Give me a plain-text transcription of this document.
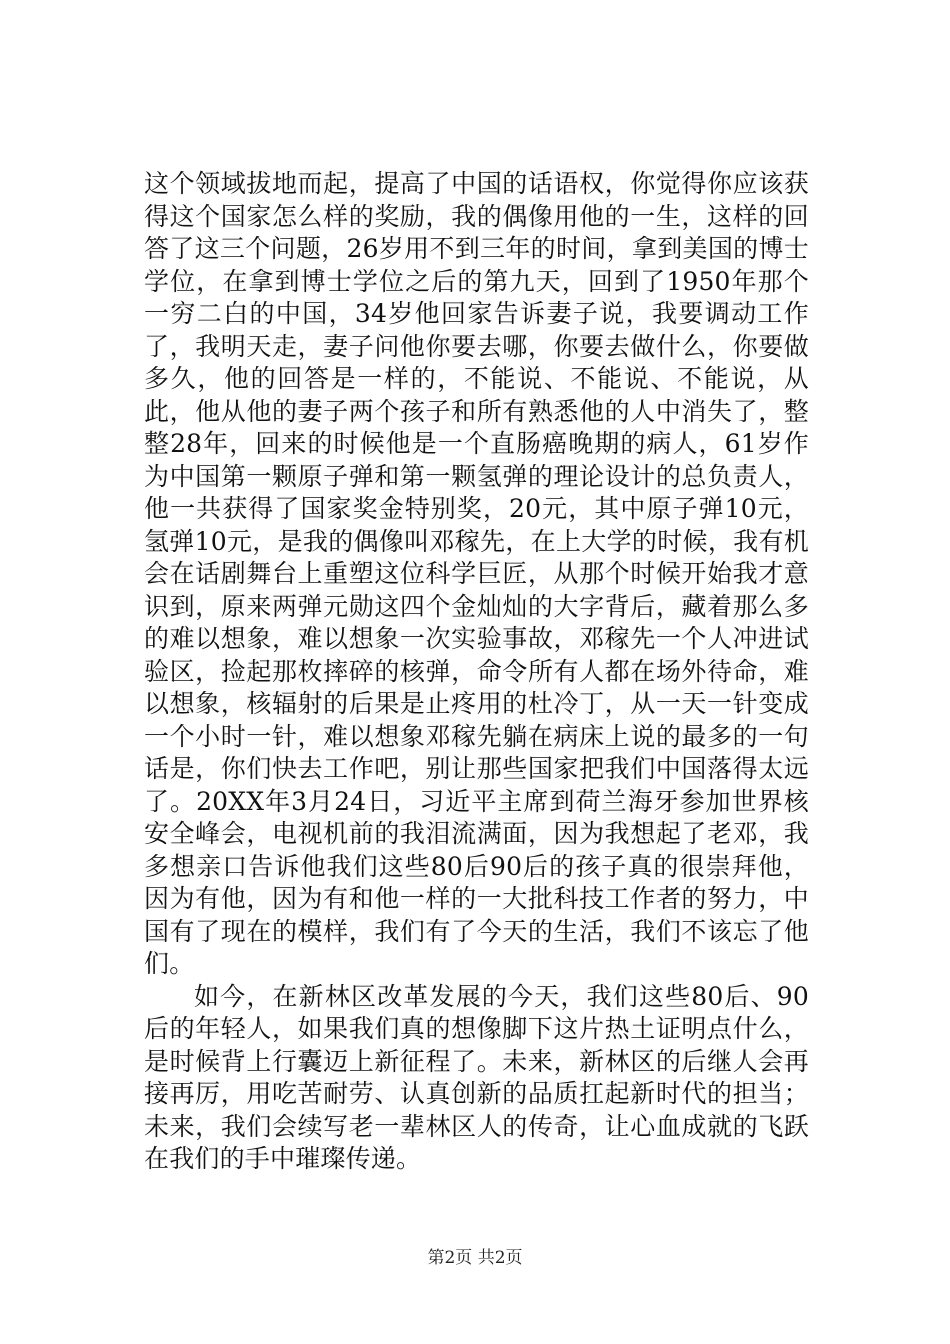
这个领域拔地而起，提高了中国的话语权，你觉得你应该获得这个国家怎么样的奖励，我的偶像用他的一生，这样的回答了这三个问题，26岁用不到三年的时间，拿到美国的博士学位，在拿到博士学位之后的第九天，回到了1950年那个一穷二白的中国，34岁他回家告诉妻子说，我要调动工作了，我明天走，妻子问他你要去哪，你要去做什么，你要做多久，他的回答是一样的，不能说、不能说、不能说，从此，他从他的妻子两个孩子和所有熟悉他的人中消失了，整整28年，回来的时候他是一个直肠癌晚期的病人，61岁作为中国第一颗原子弹和第一颗氢弹的理论设计的总负责人，他一共获得了国家奖金特别奖，20元，其中原子弹10元，氢弹10元，是我的偶像叫邓稼先，在上大学的时候，我有机会在话剧舞台上重塑这位科学巨匠，从那个时候开始我才意识到，原来两弹元勋这四个金灿灿的大字背后，藏着那么多的难以想象，难以想象一次实验事故，邓稼先一个人冲进试验区，捡起那枚摔碎的核弹，命令所有人都在场外待命，难以想象，核辐射的后果是止疼用的杜冷丁，从一天一针变成一个小时一针，难以想象邓稼先躺在病床上说的最多的一句话是，你们快去工作吧，别让那些国家把我们中国落得太远了。20XX年3月24日，习近平主席到荷兰海牙参加世界核安全峰会，电视机前的我泪流满面，因为我想起了老邓，我多想亲口告诉他我们这些80后90后的孩子真的很崇拜他，因为有他，因为有和他一样的一大批科技工作者的努力，中国有了现在的模样，我们有了今天的生活，我们不该忘了他们。

如今，在新林区改革发展的今天，我们这些80后、90后的年轻人，如果我们真的想像脚下这片热土证明点什么，是时候背上行囊迈上新征程了。未来，新林区的后继人会再接再厉，用吃苦耐劳、认真创新的品质扛起新时代的担当；未来，我们会续写老一辈林区人的传奇，让心血成就的飞跃在我们的手中璀璨传递。

第2页 共2页
